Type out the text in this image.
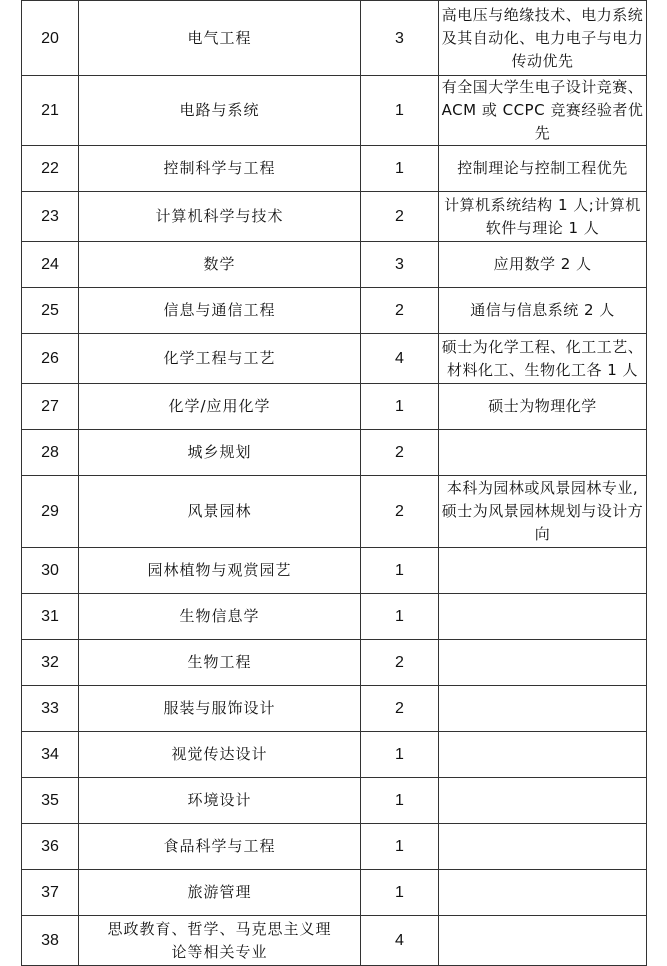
20	电气工程	3	高电压与绝缘技术、电力系统及其自动化、电力电子与电力传动优先
21	电路与系统	1	有全国大学生电子设计竞赛、ACM 或 CCPC 竞赛经验者优先
22	控制科学与工程	1	控制理论与控制工程优先
23	计算机科学与技术	2	计算机系统结构 1 人;计算机软件与理论 1 人
24	数学	3	应用数学 2 人
25	信息与通信工程	2	通信与信息系统 2 人
26	化学工程与工艺	4	硕士为化学工程、化工工艺、材料化工、生物化工各 1 人
27	化学/应用化学	1	硕士为物理化学
28	城乡规划	2	
29	风景园林	2	本科为园林或风景园林专业,硕士为风景园林规划与设计方向
30	园林植物与观赏园艺	1	
31	生物信息学	1	
32	生物工程	2	
33	服装与服饰设计	2	
34	视觉传达设计	1	
35	环境设计	1	
36	食品科学与工程	1	
37	旅游管理	1	
38	思政教育、哲学、马克思主义理论等相关专业	4	
